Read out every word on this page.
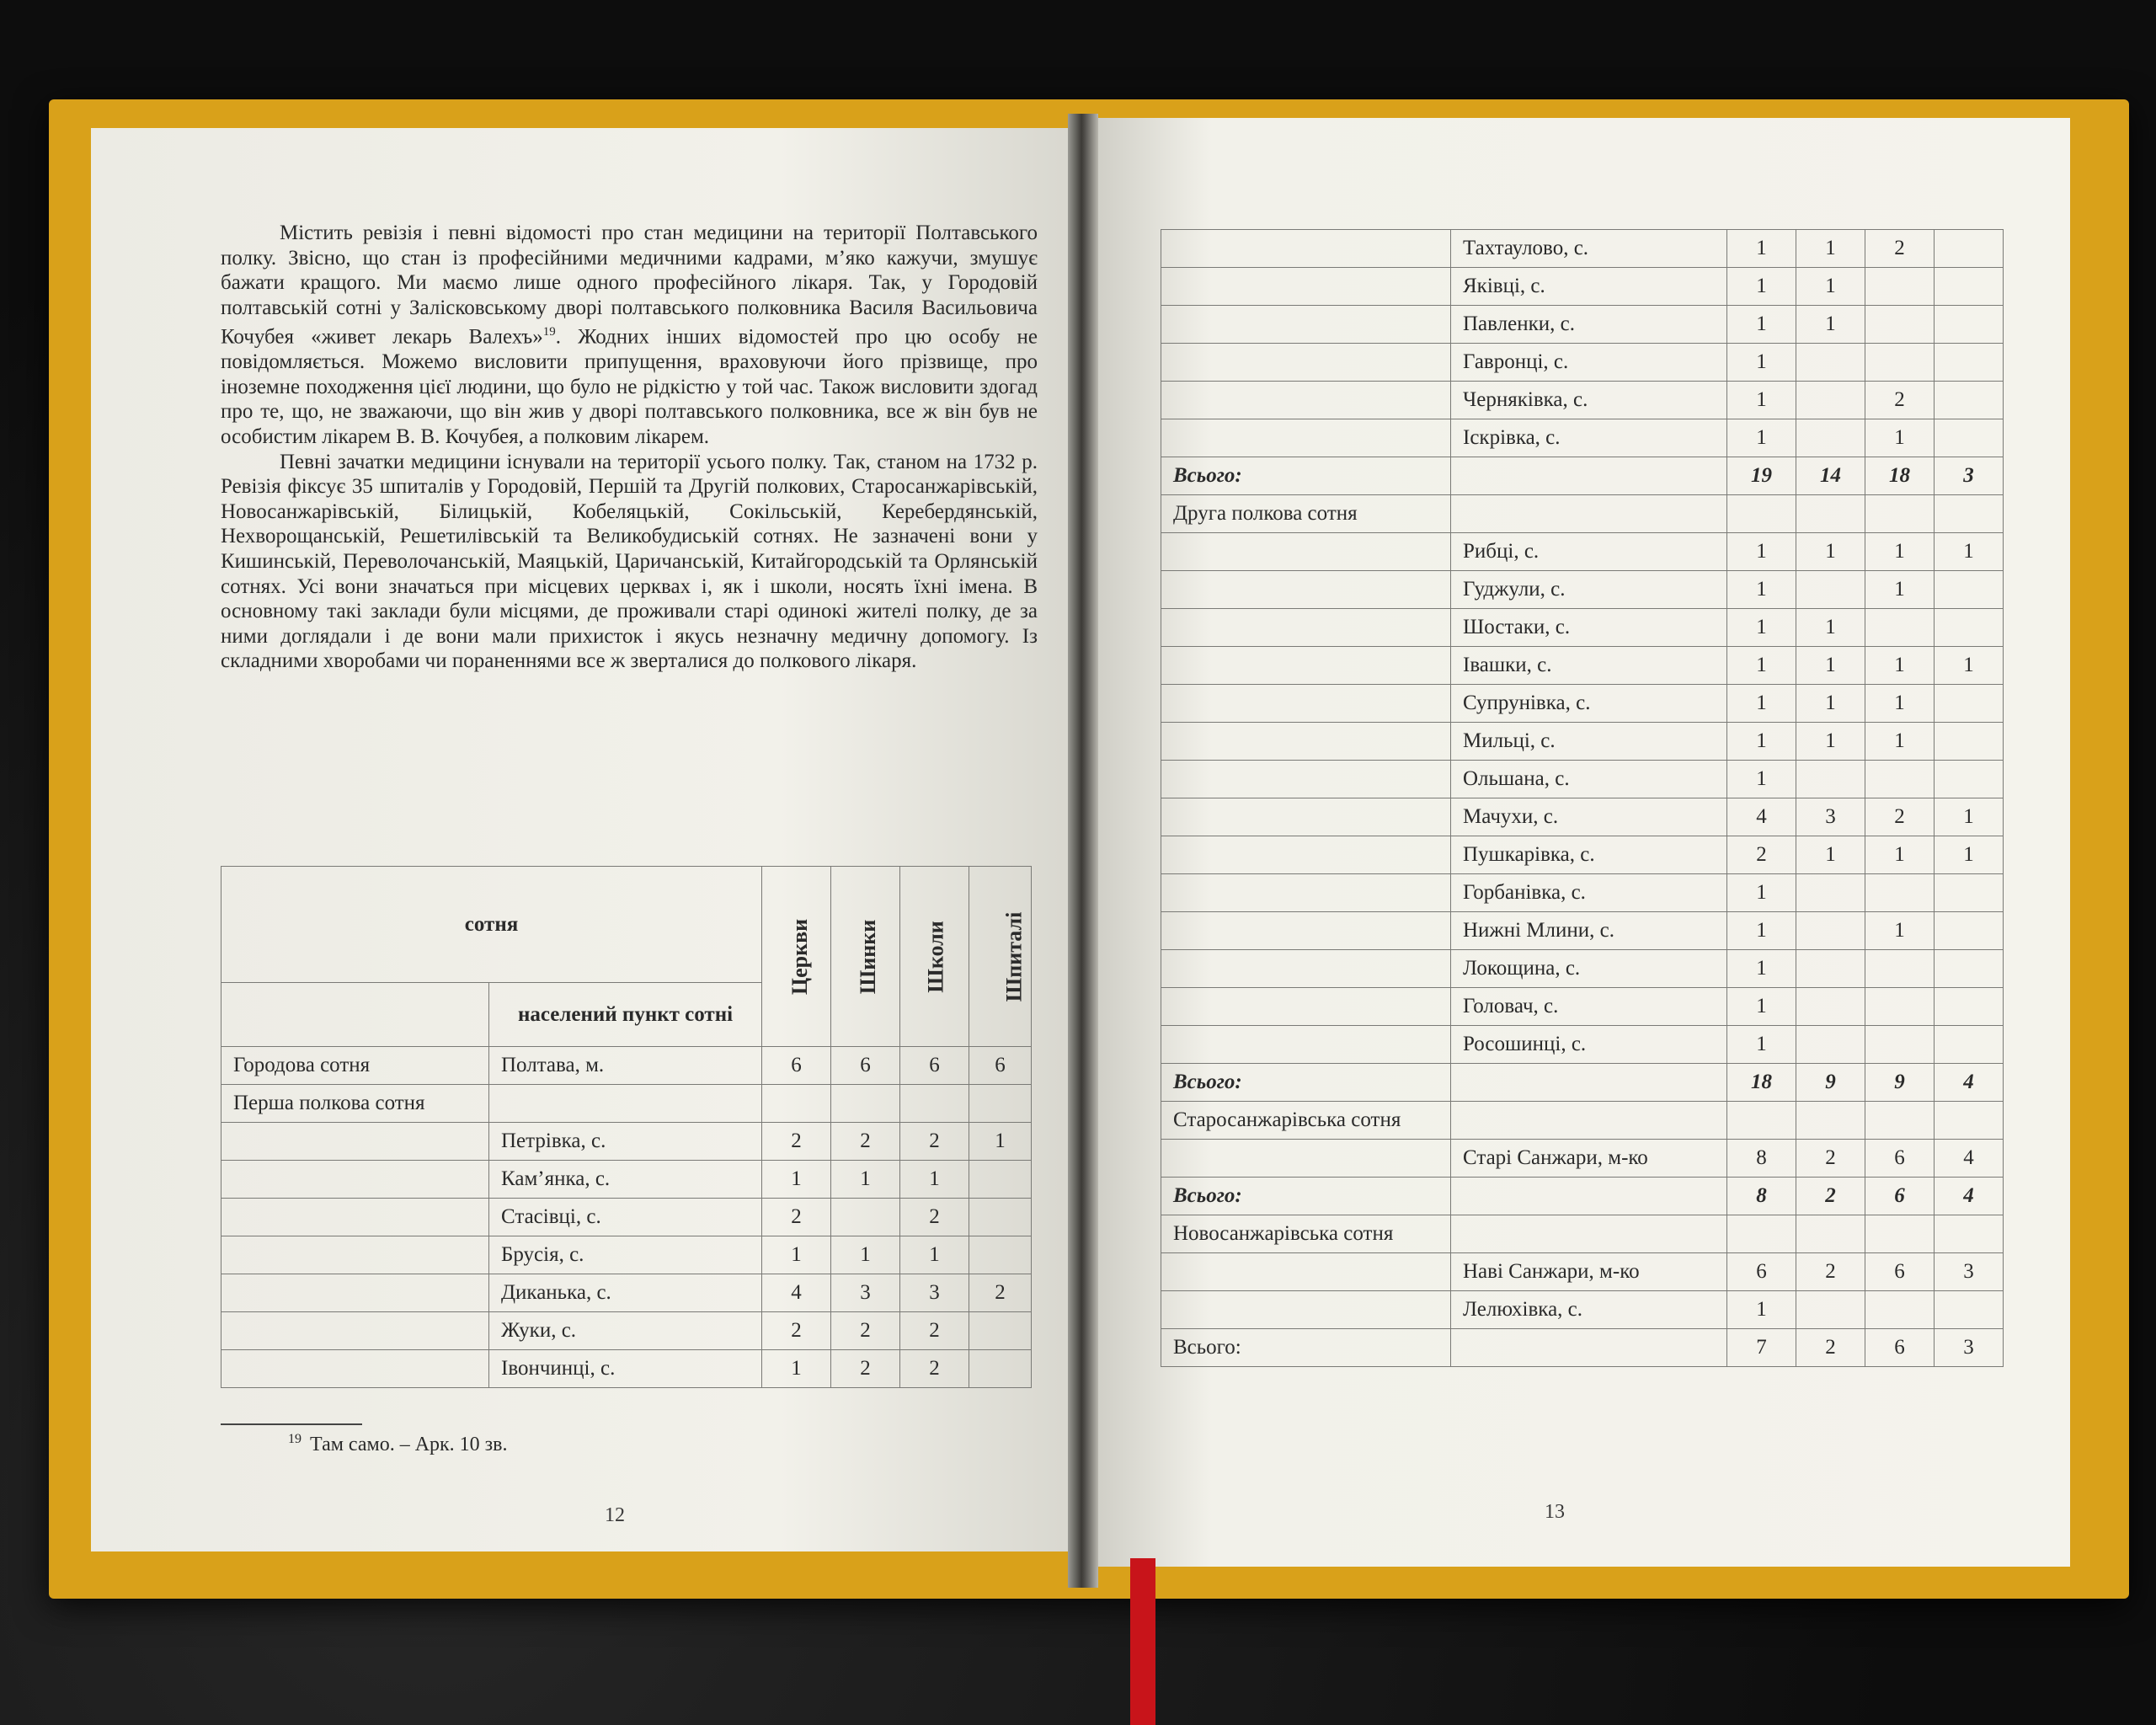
Містить ревізія і певні відомості про стан медицини на території Полтавського полку. Звісно, що стан із професійними медичними кадрами, м’яко кажучи, змушує бажати кращого. Ми маємо лише одного професійного лікаря. Так, у Городовій полтавській сотні у Залісковському дворі полтавського полковника Василя Васильовича Кочубея «живет лекарь Валехъ»$^{19}$. Жодних інших відомостей про цю особу не повідомляється. Можемо висловити припущення, враховуючи його прізвище, про іноземне походження цієї людини, що було не рідкістю у той час. Також висловити здогад про те, що, не зважаючи, що він жив у дворі полтавського полковника, все ж він був не особистим лікарем В. В. Кочубея, а полковим лікарем.

Певні зачатки медицини існували на території усього полку. Так, станом на 1732 р. Ревізія фіксує 35 шпиталів у Городовій, Першій та Другій полкових, Старосанжарівській, Новосанжарівській, Білицькій, Кобеляцькій, Сокільській, Керебердянській, Нехворощанській, Решетилівській та Великобудиській сотнях. Не зазначені вони у Кишинській, Переволочанській, Маяцькій, Царичанській, Китайгородській та Орлянській сотнях. Усі вони значаться при місцевих церквах і, як і школи, носять їхні імена. В основному такі заклади були місцями, де проживали старі одинокі жителі полку, де за ними доглядали і де вони мали прихисток і якусь незначну медичну допомогу. Із складними хворобами чи пораненнями все ж зверталися до полкового лікаря.

сотня		Церкви	Шинки	Школи	Шпиталі
	населений пункт сотні				
Городова сотня	Полтава, м.	6	6	6	6
Перша полкова сотня					
	Петрівка, с.	2	2	2	1
	Кам’янка, с.	1	1	1	
	Стасівці, с.	2		2	
	Брусія, с.	1	1	1	
	Диканька, с.	4	3	3	2
	Жуки, с.	2	2	2	
	Івончинці, с.	1	2	2	
$^{19}$ Там само. – Арк. 10 зв.
12
	Тахтаулово, с.	1	1	2	
	Яківці, с.	1	1		
	Павленки, с.	1	1		
	Гавронці, с.	1			
	Черняківка, с.	1		2	
	Іскрівка, с.	1		1	
Всього:		19	14	18	3
Друга полкова сотня					
	Рибці, с.	1	1	1	1
	Гуджули, с.	1		1	
	Шостаки, с.	1	1		
	Івашки, с.	1	1	1	1
	Супрунівка, с.	1	1	1	
	Мильці, с.	1	1	1	
	Ольшана, с.	1			
	Мачухи, с.	4	3	2	1
	Пушкарівка, с.	2	1	1	1
	Горбанівка, с.	1			
	Нижні Млини, с.	1		1	
	Локощина, с.	1			
	Головач, с.	1			
	Росошинці, с.	1			
Всього:		18	9	9	4
Старосанжарівська сотня					
	Старі Санжари, м-ко	8	2	6	4
Всього:		8	2	6	4
Новосанжарівська сотня					
	Наві Санжари, м-ко	6	2	6	3
	Лелюхівка, с.	1			
Всього:		7	2	6	3
13
